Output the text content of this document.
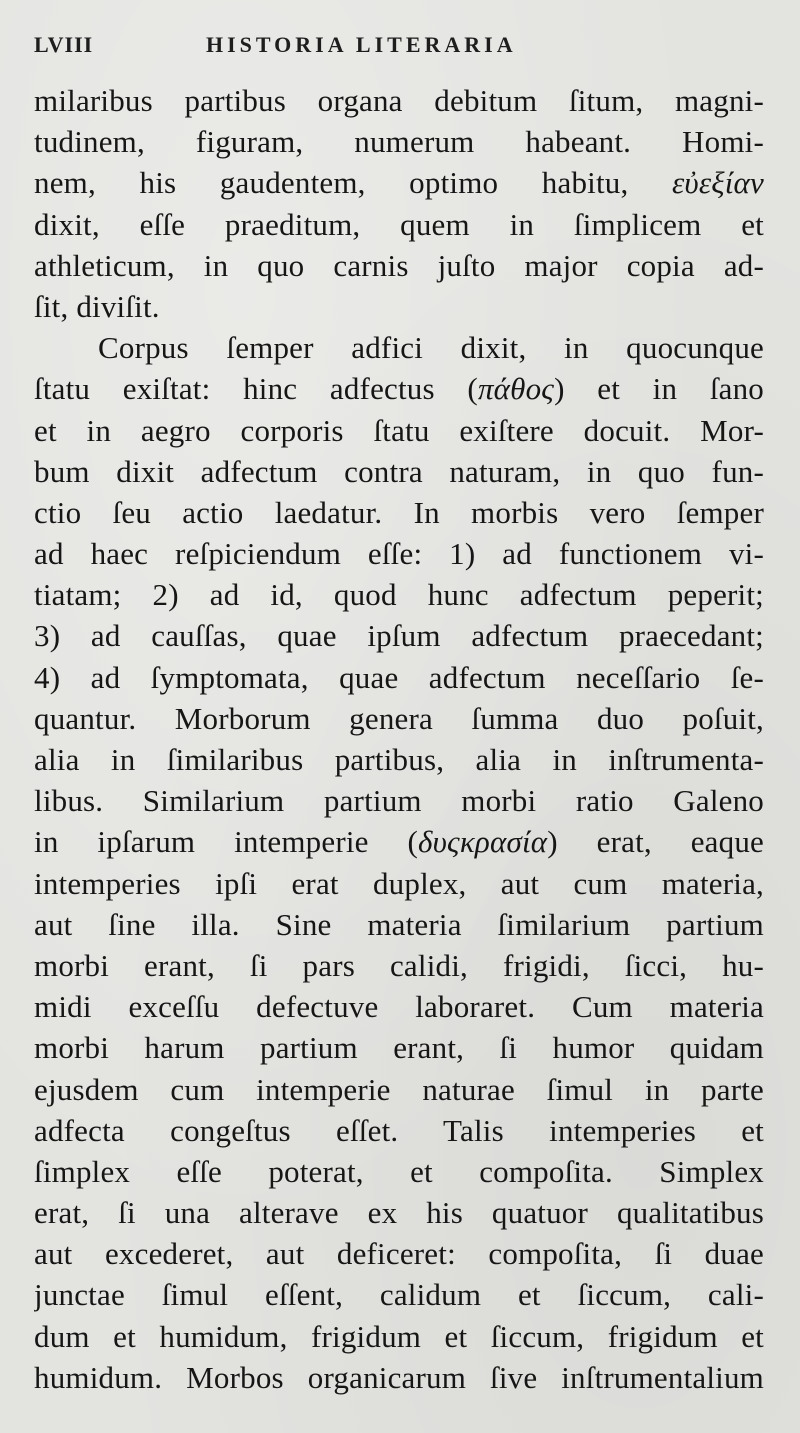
LVIII	HISTORIA LITERARIA
milaribus partibus organa debitum ſitum, magni-
tudinem, figuram, numerum habeant. Homi-
nem, his gaudentem, optimo habitu, εὐεξίαν
dixit, eſſe praeditum, quem in ſimplicem et
athleticum, in quo carnis juſto major copia ad-
ſit, diviſit.
Corpus ſemper adfici dixit, in quocunque
ſtatu exiſtat: hinc adfectus (πάθος) et in ſano
et in aegro corporis ſtatu exiſtere docuit. Mor-
bum dixit adfectum contra naturam, in quo fun-
ctio ſeu actio laedatur. In morbis vero ſemper
ad haec reſpiciendum eſſe: 1) ad functionem vi-
tiatam; 2) ad id, quod hunc adfectum peperit;
3) ad cauſſas, quae ipſum adfectum praecedant;
4) ad ſymptomata, quae adfectum neceſſario ſe-
quantur. Morborum genera ſumma duo poſuit,
alia in ſimilaribus partibus, alia in inſtrumenta-
libus. Similarium partium morbi ratio Galeno
in ipſarum intemperie (δυςκρασία) erat, eaque
intemperies ipſi erat duplex, aut cum materia,
aut ſine illa. Sine materia ſimilarium partium
morbi erant, ſi pars calidi, frigidi, ſicci, hu-
midi exceſſu defectuve laboraret. Cum materia
morbi harum partium erant, ſi humor quidam
ejusdem cum intemperie naturae ſimul in parte
adfecta congeſtus eſſet. Talis intemperies et
ſimplex eſſe poterat, et compoſita. Simplex
erat, ſi una alterave ex his quatuor qualitatibus
aut excederet, aut deficeret: compoſita, ſi duae
junctae ſimul eſſent, calidum et ſiccum, cali-
dum et humidum, frigidum et ſiccum, frigidum et
humidum. Morbos organicarum ſive inſtrumentalium
